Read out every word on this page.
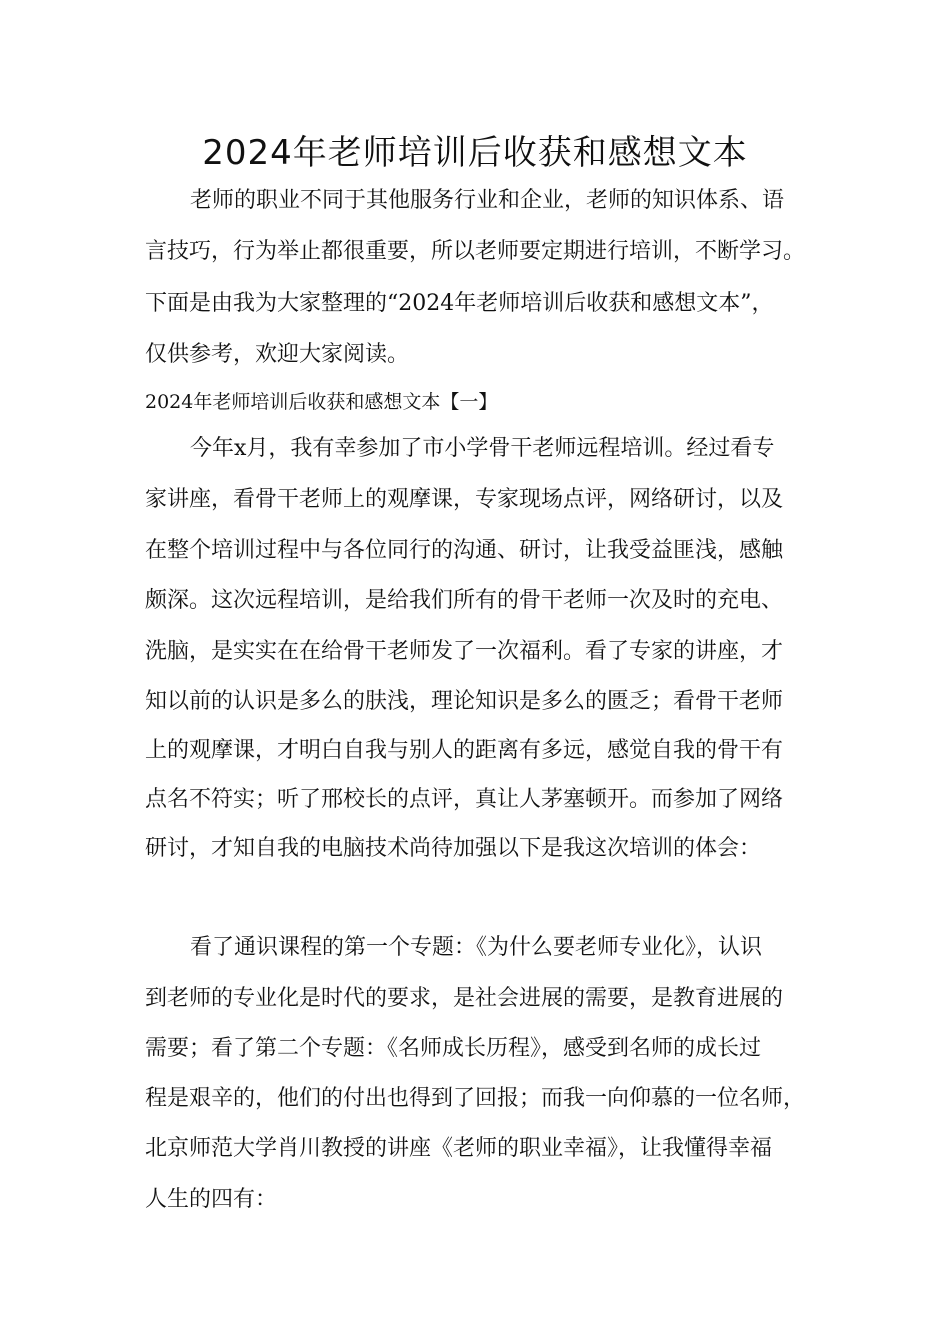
2024年老师培训后收获和感想文本

老师的职业不同于其他服务行业和企业，老师的知识体系、语

言技巧，行为举止都很重要，所以老师要定期进行培训，不断学习。

下面是由我为大家整理的“2024年老师培训后收获和感想文本”，

仅供参考，欢迎大家阅读。

2024年老师培训后收获和感想文本【一】

今年x月，我有幸参加了市小学骨干老师远程培训。经过看专

家讲座，看骨干老师上的观摩课，专家现场点评，网络研讨，以及

在整个培训过程中与各位同行的沟通、研讨，让我受益匪浅，感触

颇深。这次远程培训，是给我们所有的骨干老师一次及时的充电、

洗脑，是实实在在给骨干老师发了一次福利。看了专家的讲座，才

知以前的认识是多么的肤浅，理论知识是多么的匮乏；看骨干老师

上的观摩课，才明白自我与别人的距离有多远，感觉自我的骨干有

点名不符实；听了邢校长的点评，真让人茅塞顿开。而参加了网络

研讨，才知自我的电脑技术尚待加强以下是我这次培训的体会：

看了通识课程的第一个专题：《为什么要老师专业化》，认识

到老师的专业化是时代的要求，是社会进展的需要，是教育进展的

需要；看了第二个专题：《名师成长历程》，感受到名师的成长过

程是艰辛的，他们的付出也得到了回报；而我一向仰慕的一位名师，

北京师范大学肖川教授的讲座《老师的职业幸福》，让我懂得幸福

人生的四有：
